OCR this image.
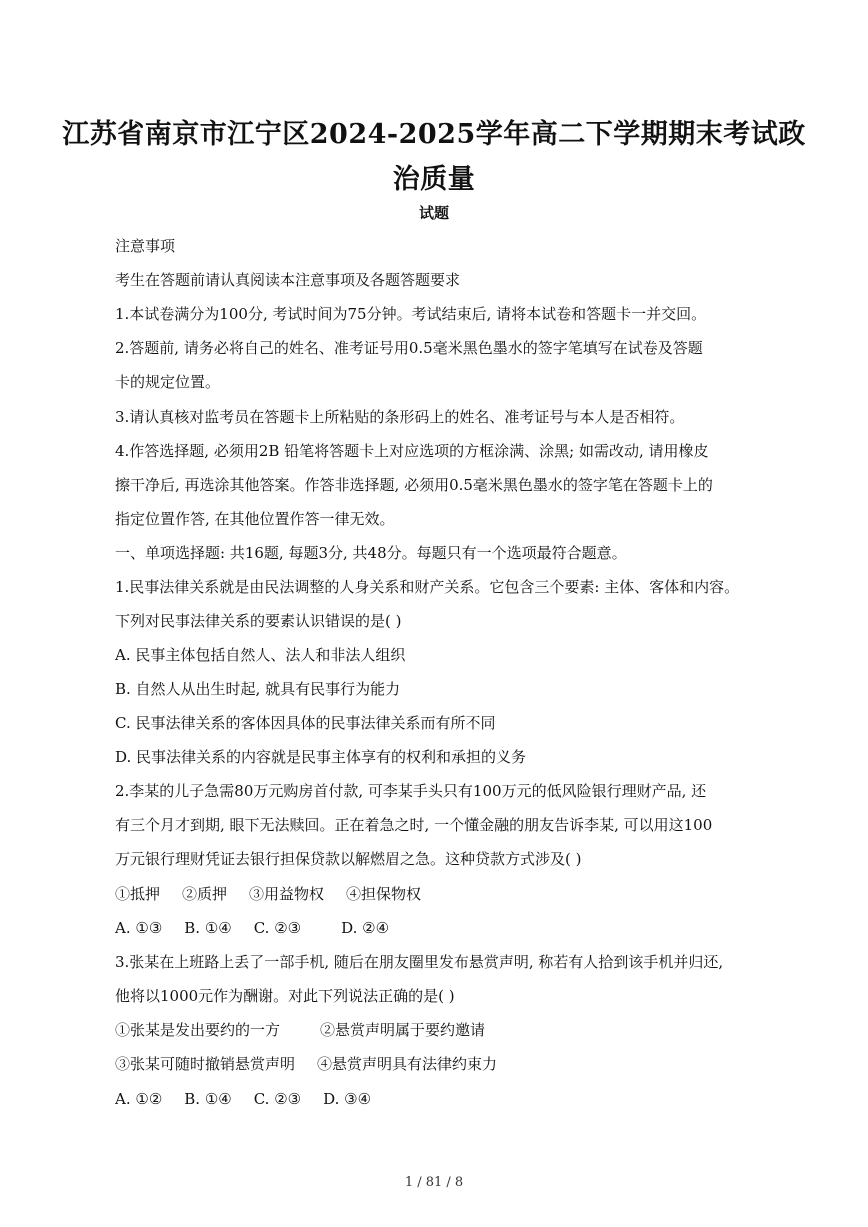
江苏省南京市江宁区2024-2025学年高二下学期期末考试政
治质量
试题
注意事项
考生在答题前请认真阅读本注意事项及各题答题要求
1.本试卷满分为100分, 考试时间为75分钟。考试结束后, 请将本试卷和答题卡一并交回。
2.答题前, 请务必将自己的姓名、准考证号用0.5毫米黑色墨水的签字笔填写在试卷及答题
卡的规定位置。
3.请认真核对监考员在答题卡上所粘贴的条形码上的姓名、准考证号与本人是否相符。
4.作答选择题, 必须用2B 铅笔将答题卡上对应选项的方框涂满、涂黑; 如需改动, 请用橡皮
擦干净后, 再选涂其他答案。作答非选择题, 必须用0.5毫米黑色墨水的签字笔在答题卡上的
指定位置作答, 在其他位置作答一律无效。
一、单项选择题: 共16题, 每题3分, 共48分。每题只有一个选项最符合题意。
1.民事法律关系就是由民法调整的人身关系和财产关系。它包含三个要素: 主体、客体和内容。
下列对民事法律关系的要素认识错误的是( )
A. 民事主体包括自然人、法人和非法人组织
B. 自然人从出生时起, 就具有民事行为能力
C. 民事法律关系的客体因具体的民事法律关系而有所不同
D. 民事法律关系的内容就是民事主体享有的权利和承担的义务
2.李某的儿子急需80万元购房首付款, 可李某手头只有100万元的低风险银行理财产品, 还
有三个月才到期, 眼下无法赎回。正在着急之时, 一个懂金融的朋友告诉李某, 可以用这100
万元银行理财凭证去银行担保贷款以解燃眉之急。这种贷款方式涉及( )
①抵押 ②质押 ③用益物权 ④担保物权
A. ①③ B. ①④ C. ②③	D. ②④
3.张某在上班路上丢了一部手机, 随后在朋友圈里发布悬赏声明, 称若有人拾到该手机并归还,
他将以1000元作为酬谢。对此下列说法正确的是( )
①张某是发出要约的一方	②悬赏声明属于要约邀请
③张某可随时撤销悬赏声明 ④悬赏声明具有法律约束力
A. ①② B. ①④ C. ②③ D. ③④
1 / 81 / 8
